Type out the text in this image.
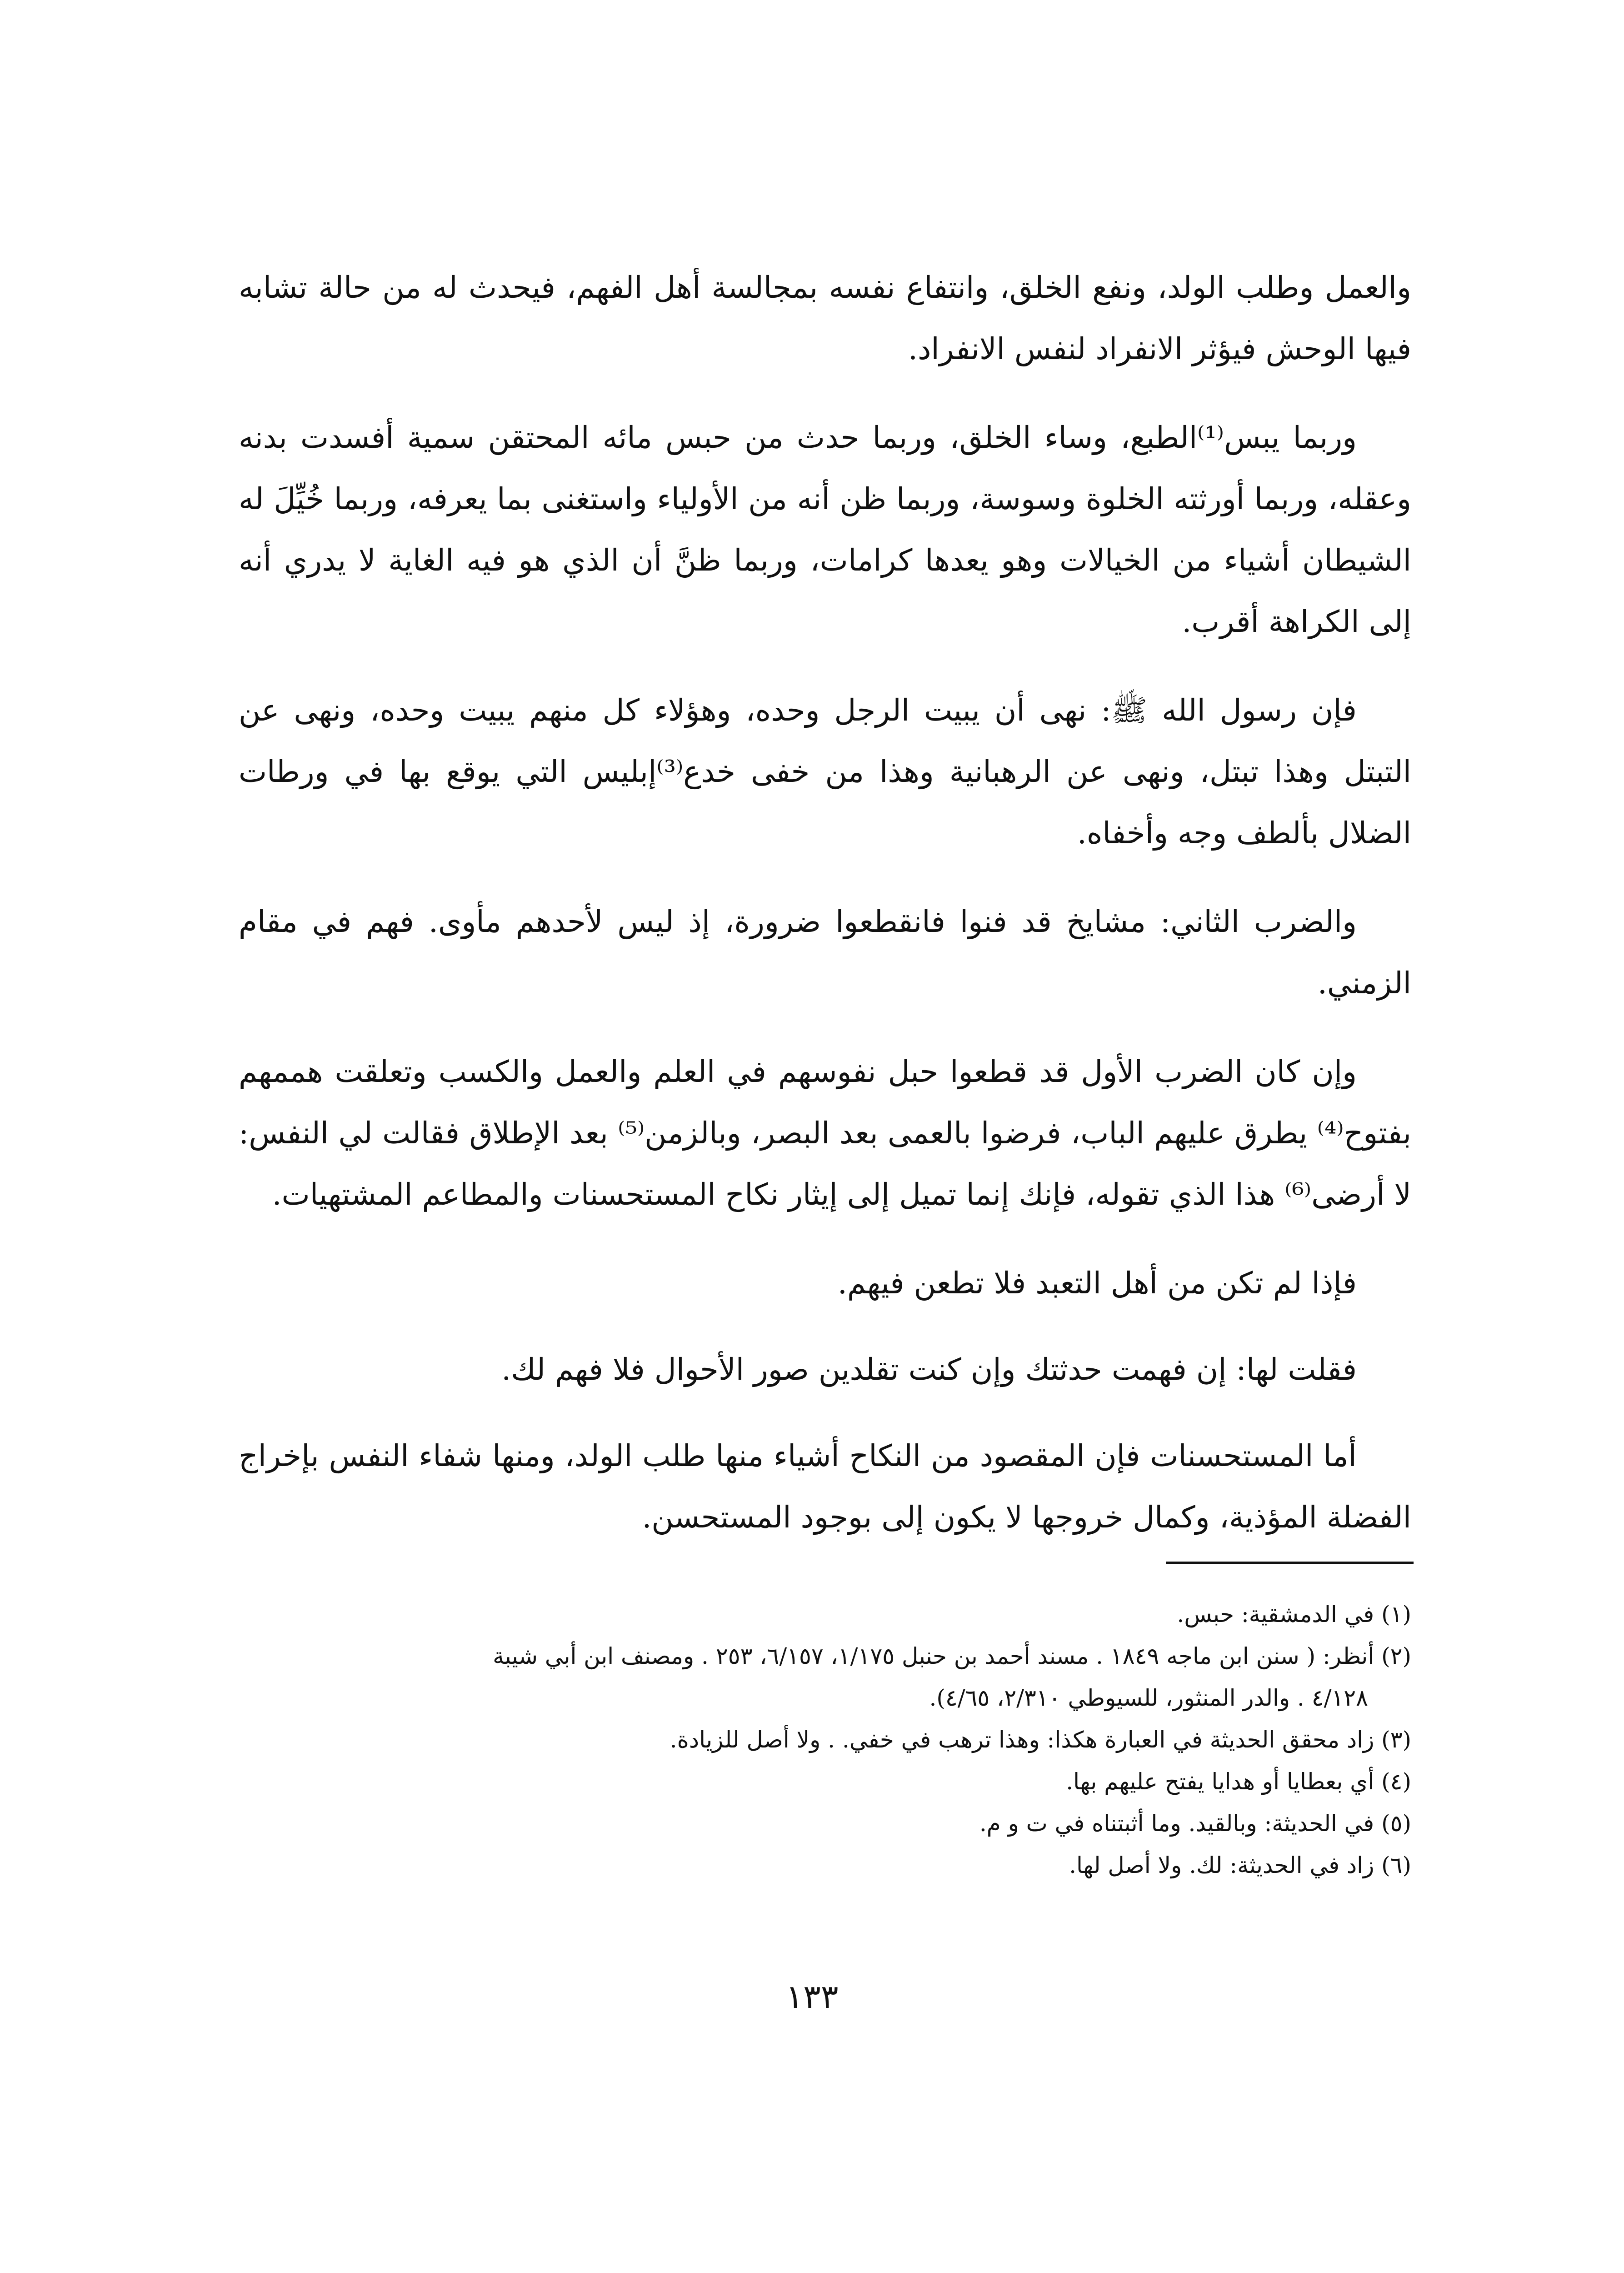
والعمل وطلب الولد، ونفع الخلق، وانتفاع نفسه بمجالسة أهل الفهم، فيحدث له من حالة تشابه فيها الوحش فيؤثر الانفراد لنفس الانفراد.

وربما يبس⁽¹⁾الطبع، وساء الخلق، وربما حدث من حبس مائه المحتقن سمية أفسدت بدنه وعقله، وربما أورثته الخلوة وسوسة، وربما ظن أنه من الأولياء واستغنى بما يعرفه، وربما خُيِّلَ له الشيطان أشياء من الخيالات وهو يعدها كرامات، وربما ظنَّ أن الذي هو فيه الغاية لا يدري أنه إلى الكراهة أقرب.

فإن رسول الله ﷺ: نهى أن يبيت الرجل وحده، وهؤلاء كل منهم يبيت وحده، ونهى عن التبتل وهذا تبتل، ونهى عن الرهبانية وهذا من خفى خدع⁽³⁾إبليس التي يوقع بها في ورطات الضلال بألطف وجه وأخفاه.

والضرب الثاني: مشايخ قد فنوا فانقطعوا ضرورة، إذ ليس لأحدهم مأوى. فهم في مقام الزمني.

وإن كان الضرب الأول قد قطعوا حبل نفوسهم في العلم والعمل والكسب وتعلقت هممهم بفتوح⁽⁴⁾ يطرق عليهم الباب، فرضوا بالعمى بعد البصر، وبالزمن⁽⁵⁾ بعد الإطلاق فقالت لي النفس: لا أرضى⁽⁶⁾ هذا الذي تقوله، فإنك إنما تميل إلى إيثار نكاح المستحسنات والمطاعم المشتهيات.

فإذا لم تكن من أهل التعبد فلا تطعن فيهم.

فقلت لها: إن فهمت حدثتك وإن كنت تقلدين صور الأحوال فلا فهم لك.

أما المستحسنات فإن المقصود من النكاح أشياء منها طلب الولد، ومنها شفاء النفس بإخراج الفضلة المؤذية، وكمال خروجها لا يكون إلى بوجود المستحسن.

(١) في الدمشقية: حبس.

(٢) أنظر: ( سنن ابن ماجه ١٨٤٩ . مسند أحمد بن حنبل ١/١٧٥، ٦/١٥٧، ٢٥٣ . ومصنف ابن أبي شيبة

٤/١٢٨ . والدر المنثور، للسيوطي ٢/٣١٠، ٤/٦٥).

(٣) زاد محقق الحديثة في العبارة هكذا: وهذا ترهب في خفي. . ولا أصل للزيادة.

(٤) أي بعطايا أو هدايا يفتح عليهم بها.

(٥) في الحديثة: وبالقيد. وما أثبتناه في ت و م.

(٦) زاد في الحديثة: لك. ولا أصل لها.

١٣٣
